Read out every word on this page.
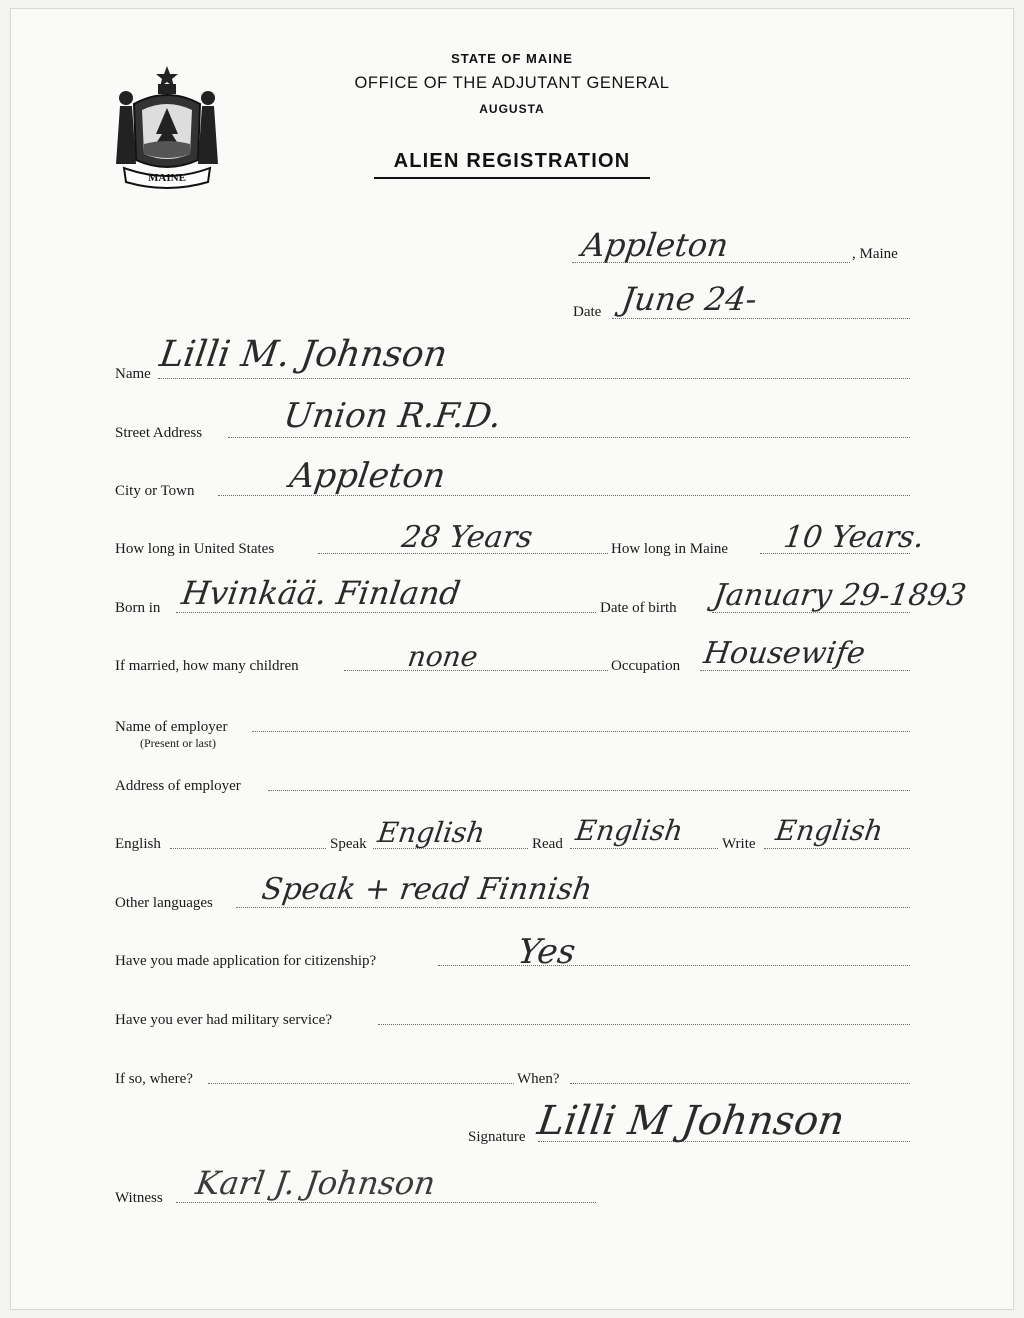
MAINE
STATE OF MAINE
OFFICE OF THE ADJUTANT GENERAL
AUGUSTA
ALIEN REGISTRATION
Appleton	, Maine
Date June 24-
Name Lilli M. Johnson
Street Address Union R.F.D.
City or Town	Appleton
How long in United States	28 Years	How long in Maine 10 Years.
Born in Hvinkää. Finland	Date of birth January 29-1893
If married, how many children	none	Occupation Housewife
Name of employer
(Present or last)
Address of employer
English	Speak English	Read English Write English
Other languages Speak + read Finnish
Have you made application for citizenship?	Yes
Have you ever had military service?
If so, where?	When?
Signature Lilli M Johnson
Witness Karl J. Johnson
